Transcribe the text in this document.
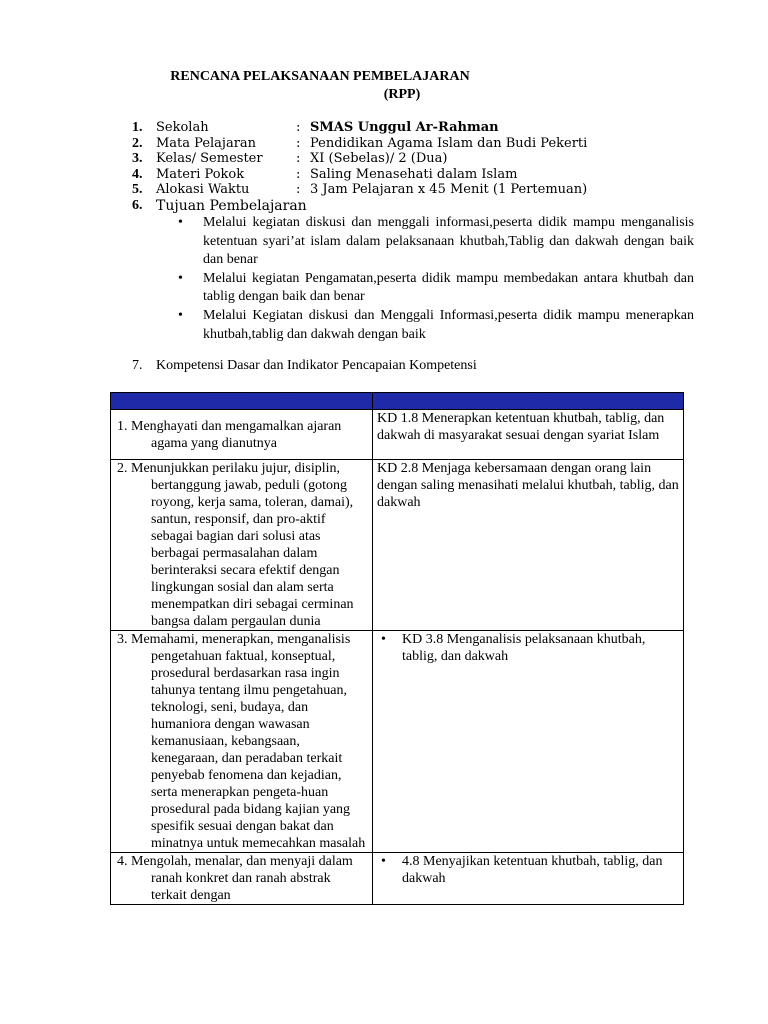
RENCANA PELAKSANAAN PEMBELAJARAN
(RPP)
1.	Sekolah	: SMAS Unggul Ar-Rahman
2.	Mata Pelajaran	: Pendidikan Agama Islam dan Budi Pekerti
3.	Kelas/ Semester	: XI (Sebelas)/ 2 (Dua)
4.	Materi Pokok	: Saling Menasehati dalam Islam
5.	Alokasi Waktu	: 3 Jam Pelajaran x 45 Menit (1 Pertemuan)
6. Tujuan Pembelajaran
•	Melalui kegiatan diskusi dan menggali informasi,peserta didik mampu menganalisis ketentuan syari’at islam dalam pelaksanaan khutbah,Tablig dan dakwah dengan baik dan benar
•	Melalui kegiatan Pengamatan,peserta didik mampu membedakan antara khutbah dan tablig dengan baik dan benar
•	Melalui Kegiatan diskusi dan Menggali Informasi,peserta didik mampu menerapkan khutbah,tablig dan dakwah dengan baik
7. Kompetensi Dasar dan Indikator Pencapaian Kompetensi
Kompetensi Dasar	Indikator

1. Menghayati dan mengamalkan ajaran agama yang dianutnya	KD 1.8 Menerapkan ketentuan khutbah, tablig, dan dakwah di masyarakat sesuai dengan syariat Islam

2. Menunjukkan perilaku jujur, disiplin, bertanggung jawab, peduli (gotong royong, kerja sama, toleran, damai), santun, responsif, dan pro-aktif sebagai bagian dari solusi atas berbagai permasalahan dalam berinteraksi secara efektif dengan lingkungan sosial dan alam serta menempatkan diri sebagai cerminan bangsa dalam pergaulan dunia	KD 2.8 Menjaga kebersamaan dengan orang lain dengan saling menasihati melalui khutbah, tablig, dan dakwah

3. Memahami, menerapkan, menganalisis pengetahuan faktual, konseptual, prosedural berdasarkan rasa ingin tahunya tentang ilmu pengetahuan, teknologi, seni, budaya, dan humaniora dengan wawasan kemanusiaan, kebangsaan, kenegaraan, dan peradaban terkait penyebab fenomena dan kejadian, serta menerapkan pengeta-huan prosedural pada bidang kajian yang spesifik sesuai dengan bakat dan minatnya untuk memecahkan masalah	• KD 3.8 Menganalisis pelaksanaan khutbah, tablig, dan dakwah

4. Mengolah, menalar, dan menyaji dalam ranah konkret dan ranah abstrak terkait dengan	• 4.8 Menyajikan ketentuan khutbah, tablig, dan dakwah
